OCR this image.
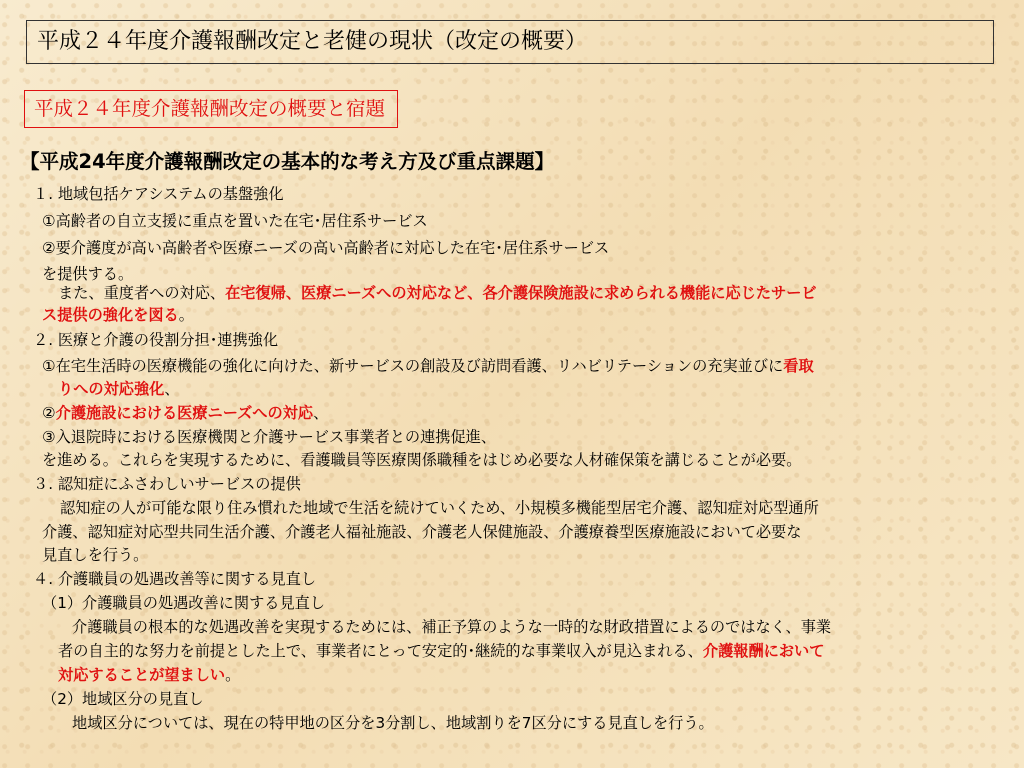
平成２４年度介護報酬改定と老健の現状（改定の概要）
平成２４年度介護報酬改定の概要と宿題
【平成24年度介護報酬改定の基本的な考え方及び重点課題】
１. 地域包括ケアシステムの基盤強化
①高齢者の自立支援に重点を置いた在宅･居住系サービス
②要介護度が高い高齢者や医療ニーズの高い高齢者に対応した在宅･居住系サービス
を提供する。
また、重度者への対応、在宅復帰、医療ニーズへの対応など、各介護保険施設に求められる機能に応じたサービ
ス提供の強化を図る。
２. 医療と介護の役割分担･連携強化
①在宅生活時の医療機能の強化に向けた、新サービスの創設及び訪問看護、リハビリテーションの充実並びに看取
りへの対応強化、
②介護施設における医療ニーズへの対応、
③入退院時における医療機関と介護サービス事業者との連携促進、
を進める。これらを実現するために、看護職員等医療関係職種をはじめ必要な人材確保策を講じることが必要。
３. 認知症にふさわしいサービスの提供
認知症の人が可能な限り住み慣れた地域で生活を続けていくため、小規模多機能型居宅介護、認知症対応型通所
介護、認知症対応型共同生活介護、介護老人福祉施設、介護老人保健施設、介護療養型医療施設において必要な
見直しを行う。
４. 介護職員の処遇改善等に関する見直し
（1）介護職員の処遇改善に関する見直し
介護職員の根本的な処遇改善を実現するためには、補正予算のような一時的な財政措置によるのではなく、事業
者の自主的な努力を前提とした上で、事業者にとって安定的･継続的な事業収入が見込まれる、介護報酬において
対応することが望ましい。
（2）地域区分の見直し
地域区分については、現在の特甲地の区分を3分割し、地域割りを7区分にする見直しを行う。
